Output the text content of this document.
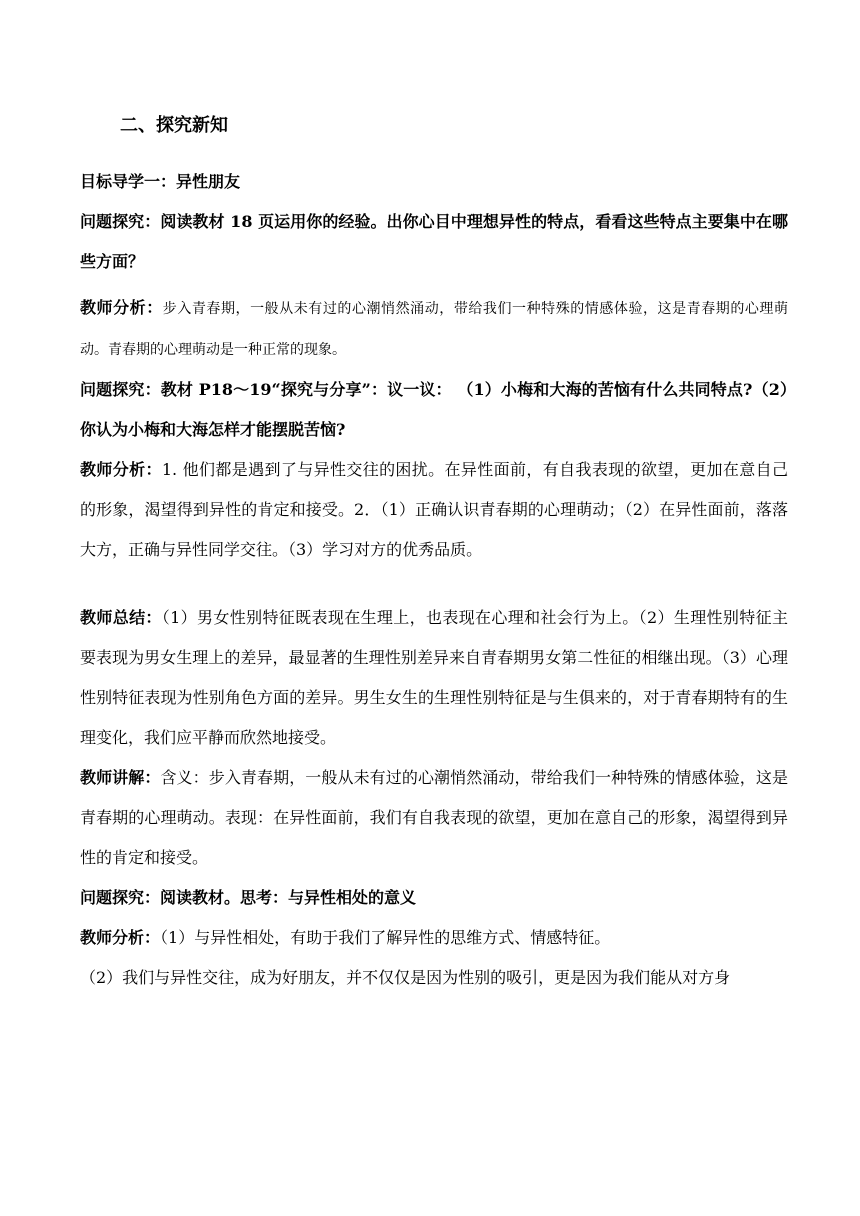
二、探究新知
目标导学一：异性朋友

问题探究：阅读教材 18 页运用你的经验。出你心目中理想异性的特点，看看这些特点主要集中在哪些方面？

教师分析：步入青春期，一般从未有过的心潮悄然涌动，带给我们一种特殊的情感体验，这是青春期的心理萌动。青春期的心理萌动是一种正常的现象。

问题探究：教材 P18～19“探究与分享”：议一议： （1）小梅和大海的苦恼有什么共同特点?（2）你认为小梅和大海怎样才能摆脱苦恼?

教师分析：1. 他们都是遇到了与异性交往的困扰。在异性面前，有自我表现的欲望，更加在意自己的形象，渴望得到异性的肯定和接受。2．（1）正确认识青春期的心理萌动；（2）在异性面前，落落大方，正确与异性同学交往。（3）学习对方的优秀品质。

教师总结：（1）男女性别特征既表现在生理上，也表现在心理和社会行为上。（2）生理性别特征主要表现为男女生理上的差异，最显著的生理性别差异来自青春期男女第二性征的相继出现。（3）心理性别特征表现为性别角色方面的差异。男生女生的生理性别特征是与生俱来的，对于青春期特有的生理变化，我们应平静而欣然地接受。

教师讲解：含义：步入青春期，一般从未有过的心潮悄然涌动，带给我们一种特殊的情感体验，这是青春期的心理萌动。表现：在异性面前，我们有自我表现的欲望，更加在意自己的形象，渴望得到异性的肯定和接受。

问题探究：阅读教材。思考：与异性相处的意义

教师分析：（1）与异性相处，有助于我们了解异性的思维方式、情感特征。

（2）我们与异性交往，成为好朋友，并不仅仅是因为性别的吸引，更是因为我们能从对方身
